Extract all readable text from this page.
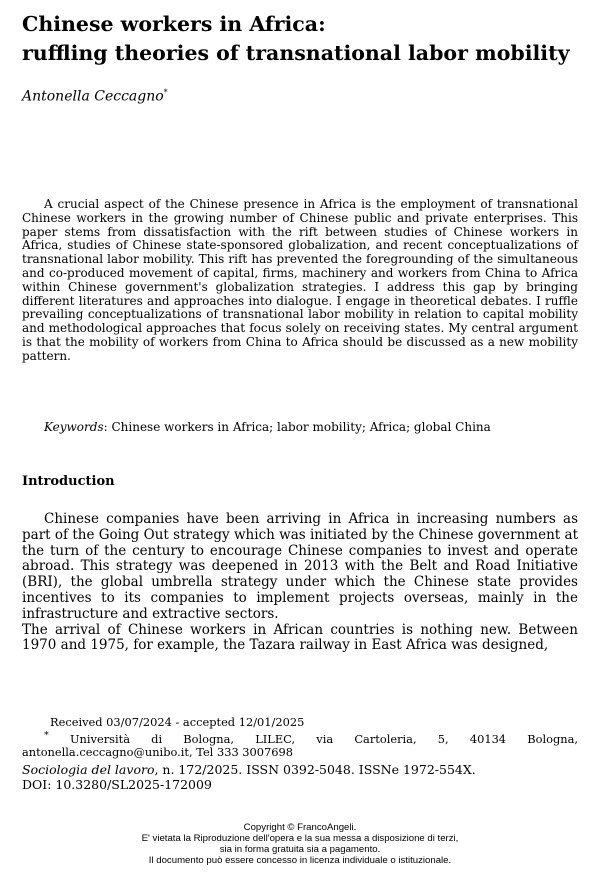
Chinese workers in Africa:
ruffling theories of transnational labor mobility
Antonella Ceccagno*

A crucial aspect of the Chinese presence in Africa is the employment of transnational Chinese workers in the growing number of Chinese public and private enterprises. This paper stems from dissatisfaction with the rift between studies of Chinese workers in Africa, studies of Chinese state-sponsored globalization, and recent conceptualizations of transnational labor mobility. This rift has prevented the foregrounding of the simultaneous and co-produced movement of capital, firms, machinery and workers from China to Africa within Chinese government's globalization strategies. I address this gap by bringing different literatures and approaches into dialogue. I engage in theoretical debates. I ruffle prevailing conceptualizations of transnational labor mobility in relation to capital mobility and methodological approaches that focus solely on receiving states. My central argument is that the mobility of workers from China to Africa should be discussed as a new mobility pattern.

Keywords: Chinese workers in Africa; labor mobility; Africa; global China
Introduction

Chinese companies have been arriving in Africa in increasing numbers as part of the Going Out strategy which was initiated by the Chinese government at the turn of the century to encourage Chinese companies to invest and operate abroad. This strategy was deepened in 2013 with the Belt and Road Initiative (BRI), the global umbrella strategy under which the Chinese state provides incentives to its companies to implement projects overseas, mainly in the infrastructure and extractive sectors.

The arrival of Chinese workers in African countries is nothing new. Between 1970 and 1975, for example, the Tazara railway in East Africa was designed,

Received 03/07/2024 - accepted 12/01/2025
* Università di Bologna, LILEC, via Cartoleria, 5, 40134 Bologna, antonella.ceccagno@unibo.it, Tel 333 3007698
Sociologia del lavoro, n. 172/2025. ISSN 0392-5048. ISSNe 1972-554X.
DOI: 10.3280/SL2025-172009
Copyright © FrancoAngeli.
E' vietata la Riproduzione dell'opera e la sua messa a disposizione di terzi,
sia in forma gratuita sia a pagamento.
Il documento può essere concesso in licenza individuale o istituzionale.
